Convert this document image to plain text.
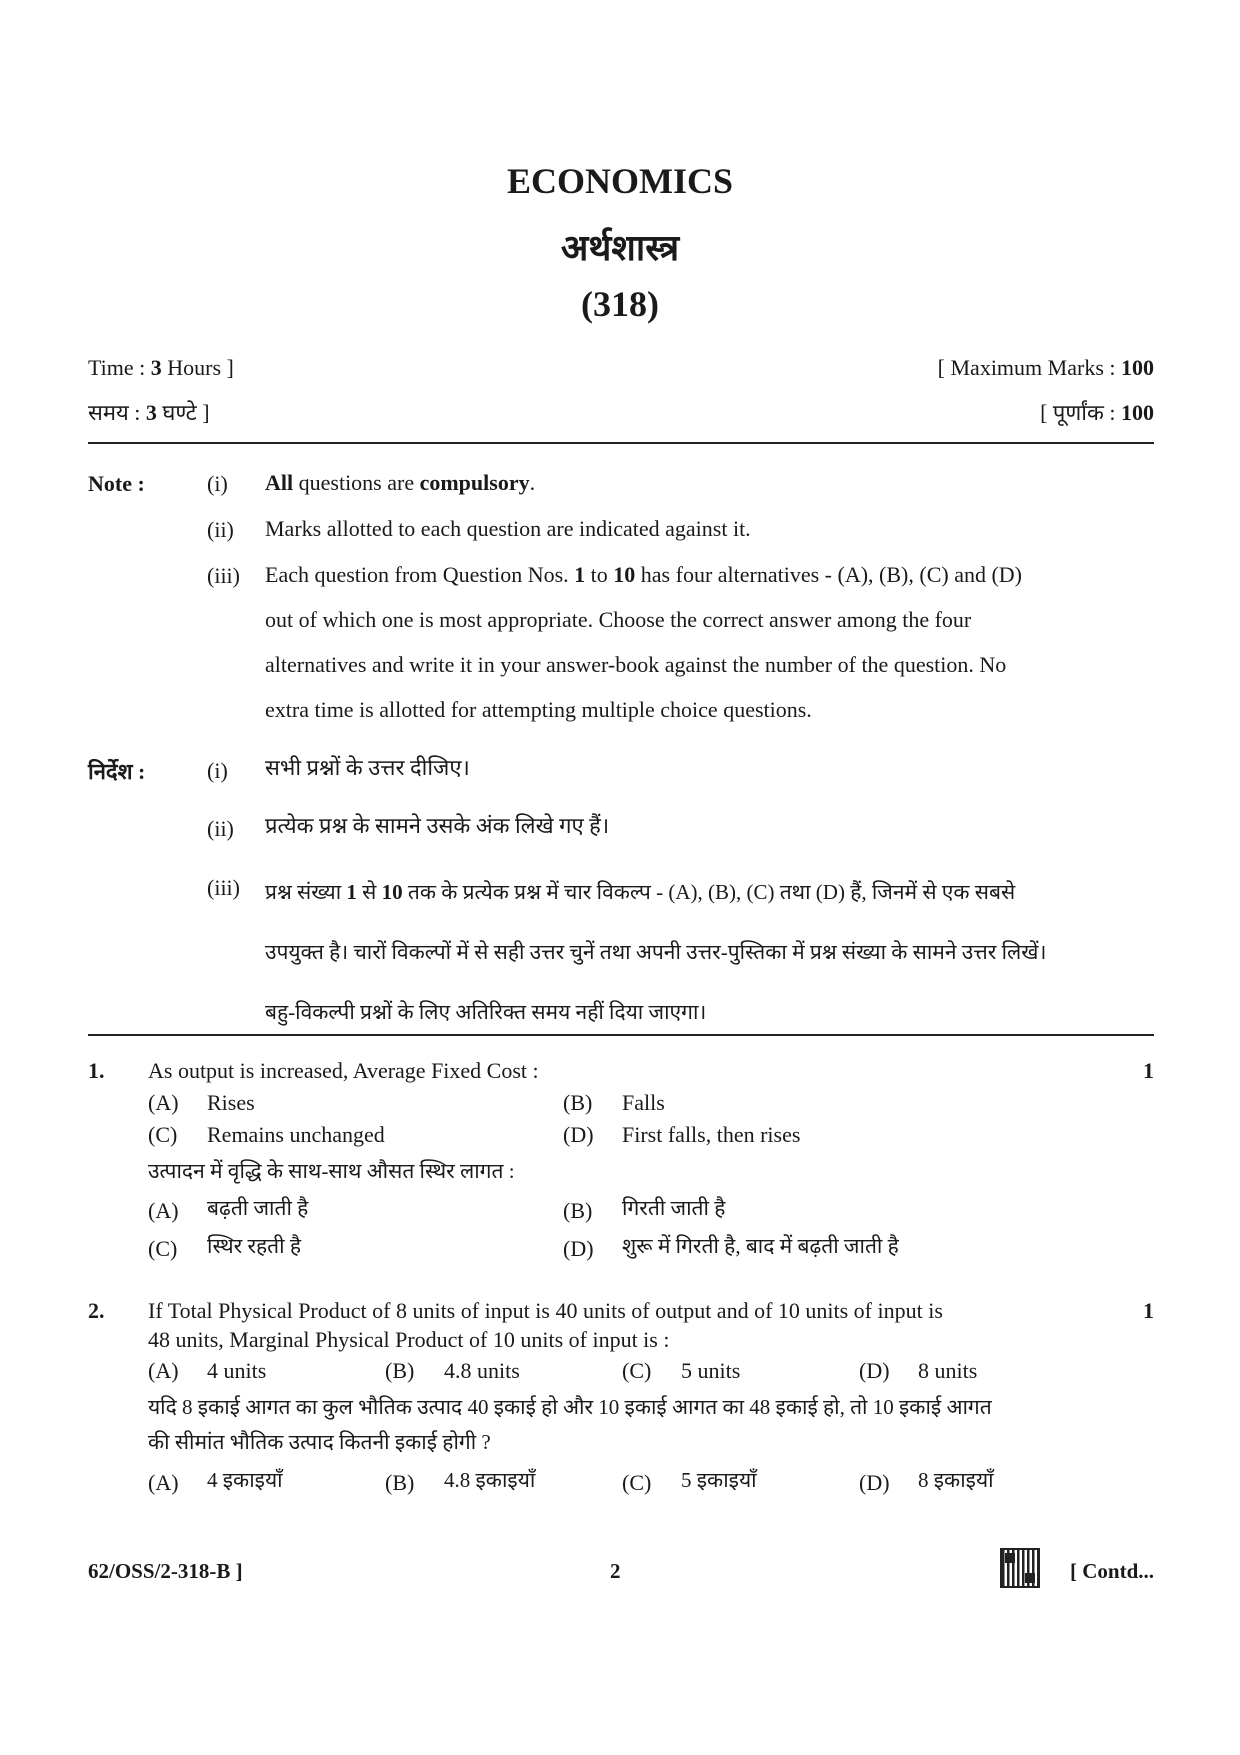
ECONOMICS
अर्थशास्त्र
(318)
Time : 3 Hours ]	[ Maximum Marks : 100
समय : 3 घण्टे ]	[ पूर्णांक : 100
Note :	(i) All questions are compulsory.
(ii) Marks allotted to each question are indicated against it.
(iii) Each question from Question Nos. 1 to 10 has four alternatives - (A), (B), (C) and (D)
out of which one is most appropriate. Choose the correct answer among the four
alternatives and write it in your answer-book against the number of the question. No
extra time is allotted for attempting multiple choice questions.
निर्देश :	(i) सभी प्रश्नों के उत्तर दीजिए।
(ii) प्रत्येक प्रश्न के सामने उसके अंक लिखे गए हैं।
(iii) प्रश्न संख्या 1 से 10 तक के प्रत्येक प्रश्न में चार विकल्प - (A), (B), (C) तथा (D) हैं, जिनमें से एक सबसे
उपयुक्त है। चारों विकल्पों में से सही उत्तर चुनें तथा अपनी उत्तर-पुस्तिका में प्रश्न संख्या के सामने उत्तर लिखें।
बहु-विकल्पी प्रश्नों के लिए अतिरिक्त समय नहीं दिया जाएगा।
1.	1
As output is increased, Average Fixed Cost :
(A) Rises	(B) Falls
(C) Remains unchanged	(D) First falls, then rises
उत्पादन में वृद्धि के साथ-साथ औसत स्थिर लागत :
(A) बढ़ती जाती है	(B) गिरती जाती है
(C) स्थिर रहती है	(D) शुरू में गिरती है, बाद में बढ़ती जाती है
2.	1
If Total Physical Product of 8 units of input is 40 units of output and of 10 units of input is
48 units, Marginal Physical Product of 10 units of input is :
(A) 4 units	(B) 4.8 units	(C) 5 units	(D) 8 units
यदि 8 इकाई आगत का कुल भौतिक उत्पाद 40 इकाई हो और 10 इकाई आगत का 48 इकाई हो, तो 10 इकाई आगत
की सीमांत भौतिक उत्पाद कितनी इकाई होगी ?
(A) 4 इकाइयाँ	(B) 4.8 इकाइयाँ	(C) 5 इकाइयाँ	(D) 8 इकाइयाँ
62/OSS/2-318-B ]	2	[ Contd...
